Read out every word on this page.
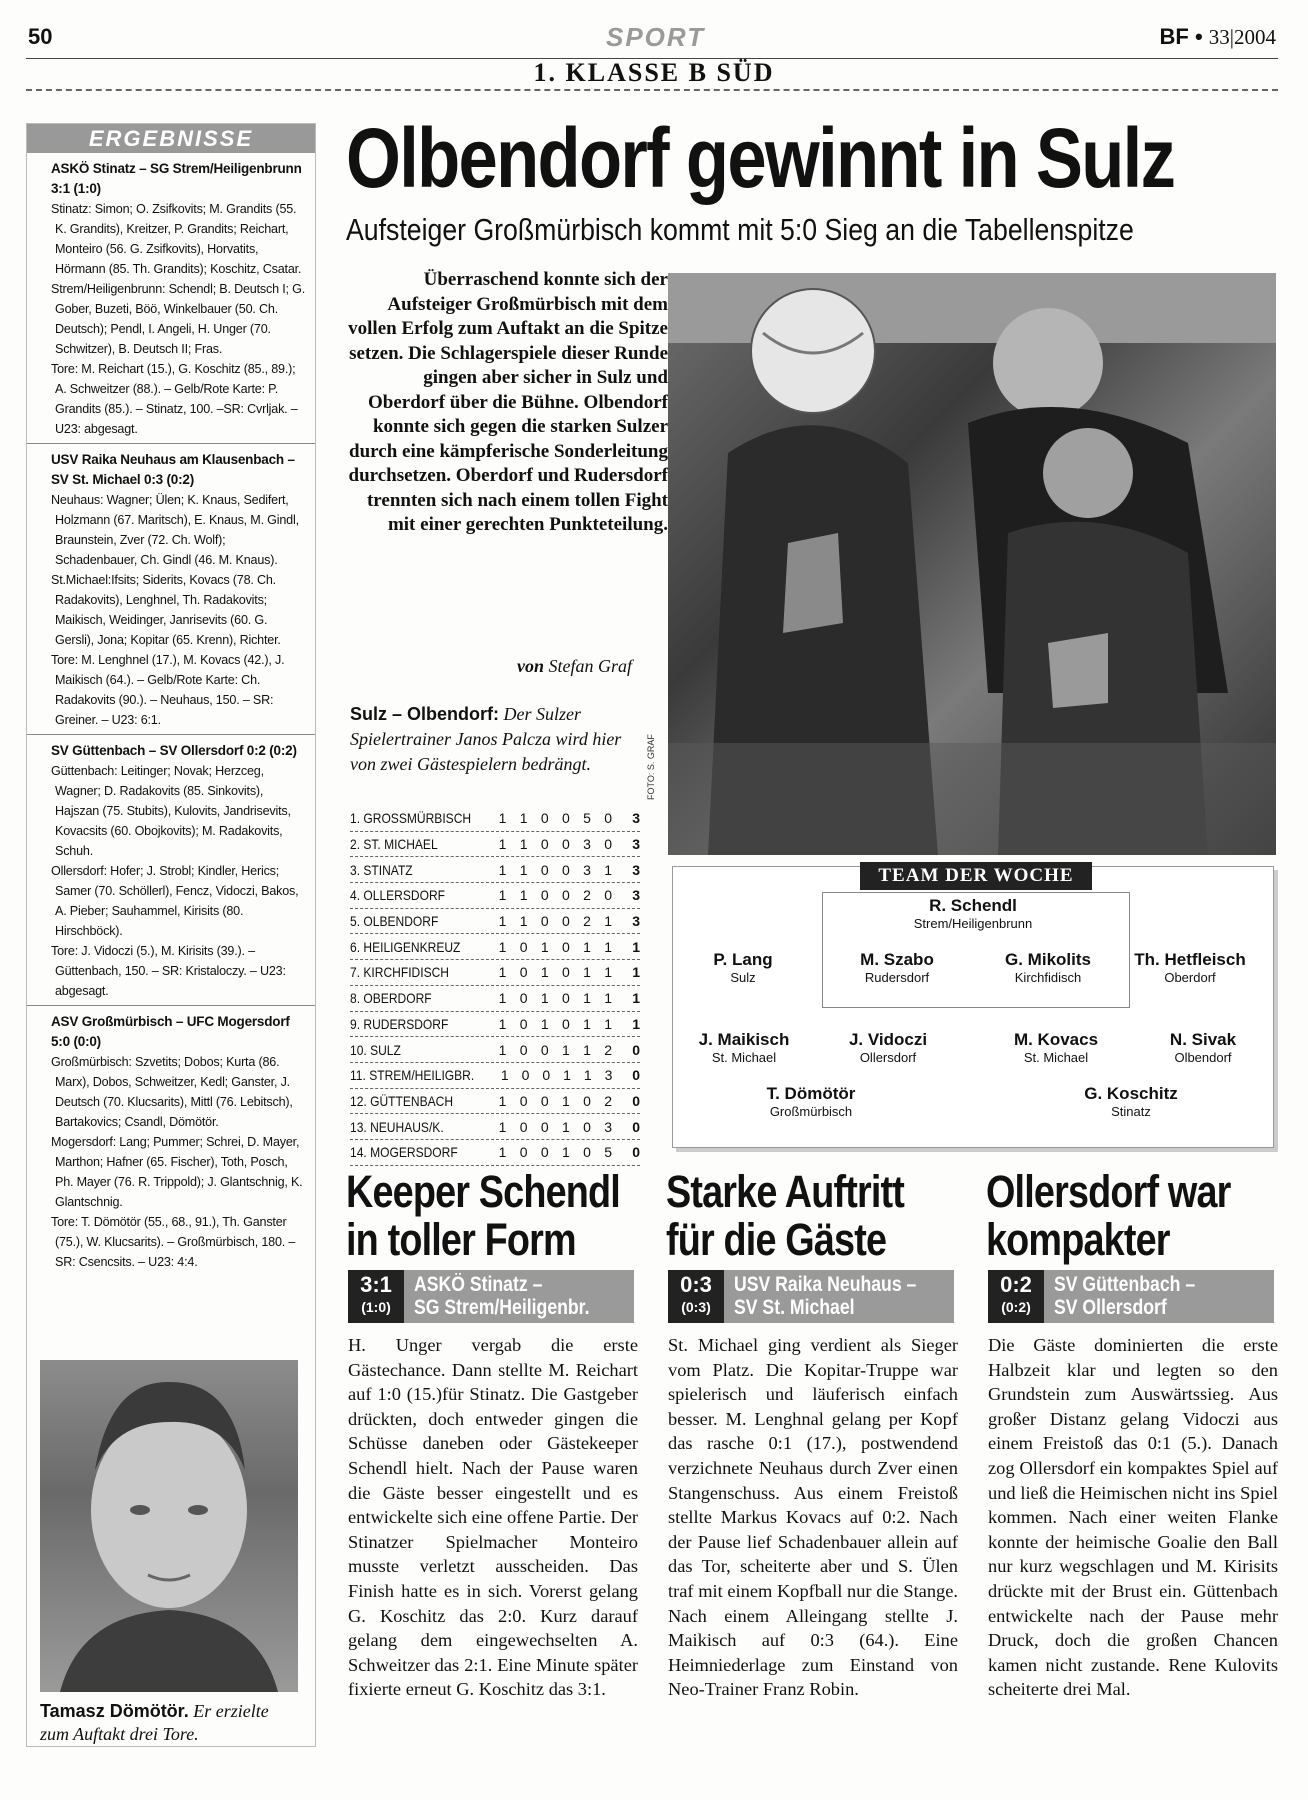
50	SPORT	BF • 33|2004
1. KLASSE B SÜD
ERGEBNISSE
ASKÖ Stinatz – SG Strem/Heiligenbrunn 3:1 (1:0)
Stinatz: Simon; O. Zsifkovits; M. Grandits (55. K. Grandits), Kreitzer, P. Grandits; Reichart, Monteiro (56. G. Zsifkovits), Horvatits, Hörmann (85. Th. Grandits); Koschitz, Csatar.
Strem/Heiligenbrunn: Schendl; B. Deutsch I; G. Gober, Buzeti, Böö, Winkelbauer (50. Ch. Deutsch); Pendl, I. Angeli, H. Unger (70. Schwitzer), B. Deutsch II; Fras.
Tore: M. Reichart (15.), G. Koschitz (85., 89.); A. Schweitzer (88.). – Gelb/Rote Karte: P. Grandits (85.). – Stinatz, 100. –SR: Cvrljak. – U23: abgesagt.
USV Raika Neuhaus am Klausenbach – SV St. Michael 0:3 (0:2)
Neuhaus: Wagner; Ülen; K. Knaus, Sedifert, Holzmann (67. Maritsch), E. Knaus, M. Gindl, Braunstein, Zver (72. Ch. Wolf); Schadenbauer, Ch. Gindl (46. M. Knaus).
St.Michael:Ifsits; Siderits, Kovacs (78. Ch. Radakovits), Lenghnel, Th. Radakovits; Maikisch, Weidinger, Janrisevits (60. G. Gersli), Jona; Kopitar (65. Krenn), Richter.
Tore: M. Lenghnel (17.), M. Kovacs (42.), J. Maikisch (64.). – Gelb/Rote Karte: Ch. Radakovits (90.). – Neuhaus, 150. – SR: Greiner. – U23: 6:1.
SV Güttenbach – SV Ollersdorf 0:2 (0:2)
Güttenbach: Leitinger; Novak; Herzceg, Wagner; D. Radakovits (85. Sinkovits), Hajszan (75. Stubits), Kulovits, Jandrisevits, Kovacsits (60. Obojkovits); M. Radakovits, Schuh.
Ollersdorf: Hofer; J. Strobl; Kindler, Herics; Samer (70. Schöllerl), Fencz, Vidoczi, Bakos, A. Pieber; Sauhammel, Kirisits (80. Hirschböck).
Tore: J. Vidoczi (5.), M. Kirisits (39.). – Güttenbach, 150. – SR: Kristaloczy. – U23: abgesagt.
ASV Großmürbisch – UFC Mogersdorf 5:0 (0:0)
Großmürbisch: Szvetits; Dobos; Kurta (86. Marx), Dobos, Schweitzer, Kedl; Ganster, J. Deutsch (70. Klucsarits), Mittl (76. Lebitsch), Bartakovics; Csandl, Dömötör.
Mogersdorf: Lang; Pummer; Schrei, D. Mayer, Marthon; Hafner (65. Fischer), Toth, Posch, Ph. Mayer (76. R. Trippold); J. Glantschnig, K. Glantschnig.
Tore: T. Dömötör (55., 68., 91.), Th. Ganster (75.), W. Klucsarits). – Großmürbisch, 180. – SR: Csencsits. – U23: 4:4.
Tamasz Dömötör. Er erzielte zum Auftakt drei Tore.
Olbendorf gewinnt in Sulz
Aufsteiger Großmürbisch kommt mit 5:0 Sieg an die Tabellenspitze
Überraschend konnte sich der Aufsteiger Großmürbisch mit dem vollen Erfolg zum Auftakt an die Spitze setzen. Die Schlagerspiele dieser Runde gingen aber sicher in Sulz und Oberdorf über die Bühne. Olbendorf konnte sich gegen die starken Sulzer durch eine kämpferische Sonderleitung durchsetzen. Oberdorf und Rudersdorf trennten sich nach einem tollen Fight mit einer gerechten Punkteteilung.
von Stefan Graf
Sulz – Olbendorf: Der Sulzer Spielertrainer Janos Palcza wird hier von zwei Gästespielern bedrängt.	FOTO: S. GRAF
1. GROSSMÜRBISCH	1 1 0 0 5 0	3
2. ST. MICHAEL	1 1 0 0 3 0	3
3. STINATZ	1 1 0 0 3 1	3
4. OLLERSDORF	1 1 0 0 2 0	3
5. OLBENDORF	1 1 0 0 2 1	3
6. HEILIGENKREUZ	1 0 1 0 1 1	1
7. KIRCHFIDISCH	1 0 1 0 1 1	1
8. OBERDORF	1 0 1 0 1 1	1
9. RUDERSDORF	1 0 1 0 1 1	1
10. SULZ	1 0 0 1 1 2	0
11. STREM/HEILIGBR.	1 0 0 1 1 3	0
12. GÜTTENBACH	1 0 0 1 0 2	0
13. NEUHAUS/K.	1 0 0 1 0 3	0
14. MOGERSDORF	1 0 0 1 0 5	0
TEAM DER WOCHE
R. Schendl
Strem/Heiligenbrunn
P. Lang
Sulz
M. Szabo
Rudersdorf
G. Mikolits
Kirchfidisch
Th. Hetfleisch
Oberdorf
J. Maikisch
St. Michael
J. Vidoczi
Ollersdorf
M. Kovacs
St. Michael
N. Sivak
Olbendorf
T. Dömötör
Großmürbisch
G. Koschitz
Stinatz
Keeper Schendl
in toller Form
3:1
(1:0)
ASKÖ Stinatz –
SG Strem/Heiligenbr.
H. Unger vergab die erste Gästechance. Dann stellte M. Reichart auf 1:0 (15.)für Stinatz. Die Gastgeber drückten, doch entweder gingen die Schüsse daneben oder Gästekeeper Schendl hielt. Nach der Pause waren die Gäste besser eingestellt und es entwickelte sich eine offene Partie. Der Stinatzer Spielmacher Monteiro musste verletzt ausscheiden. Das Finish hatte es in sich. Vorerst gelang G. Koschitz das 2:0. Kurz darauf gelang dem eingewechselten A. Schweitzer das 2:1. Eine Minute später fixierte erneut G. Koschitz das 3:1.
Starke Auftritt
für die Gäste
0:3
(0:3)
USV Raika Neuhaus –
SV St. Michael
St. Michael ging verdient als Sieger vom Platz. Die Kopitar-Truppe war spielerisch und läuferisch einfach besser. M. Lenghnal gelang per Kopf das rasche 0:1 (17.), postwendend verzichnete Neuhaus durch Zver einen Stangenschuss. Aus einem Freistoß stellte Markus Kovacs auf 0:2. Nach der Pause lief Schadenbauer allein auf das Tor, scheiterte aber und S. Ülen traf mit einem Kopfball nur die Stange. Nach einem Alleingang stellte J. Maikisch auf 0:3 (64.). Eine Heimniederlage zum Einstand von Neo-Trainer Franz Robin.
Ollersdorf war
kompakter
0:2
(0:2)
SV Güttenbach –
SV Ollersdorf
Die Gäste dominierten die erste Halbzeit klar und legten so den Grundstein zum Auswärtssieg. Aus großer Distanz gelang Vidoczi aus einem Freistoß das 0:1 (5.). Danach zog Ollersdorf ein kompaktes Spiel auf und ließ die Heimischen nicht ins Spiel kommen. Nach einer weiten Flanke konnte der heimische Goalie den Ball nur kurz wegschlagen und M. Kirisits drückte mit der Brust ein. Güttenbach entwickelte nach der Pause mehr Druck, doch die großen Chancen kamen nicht zustande. Rene Kulovits scheiterte drei Mal.
